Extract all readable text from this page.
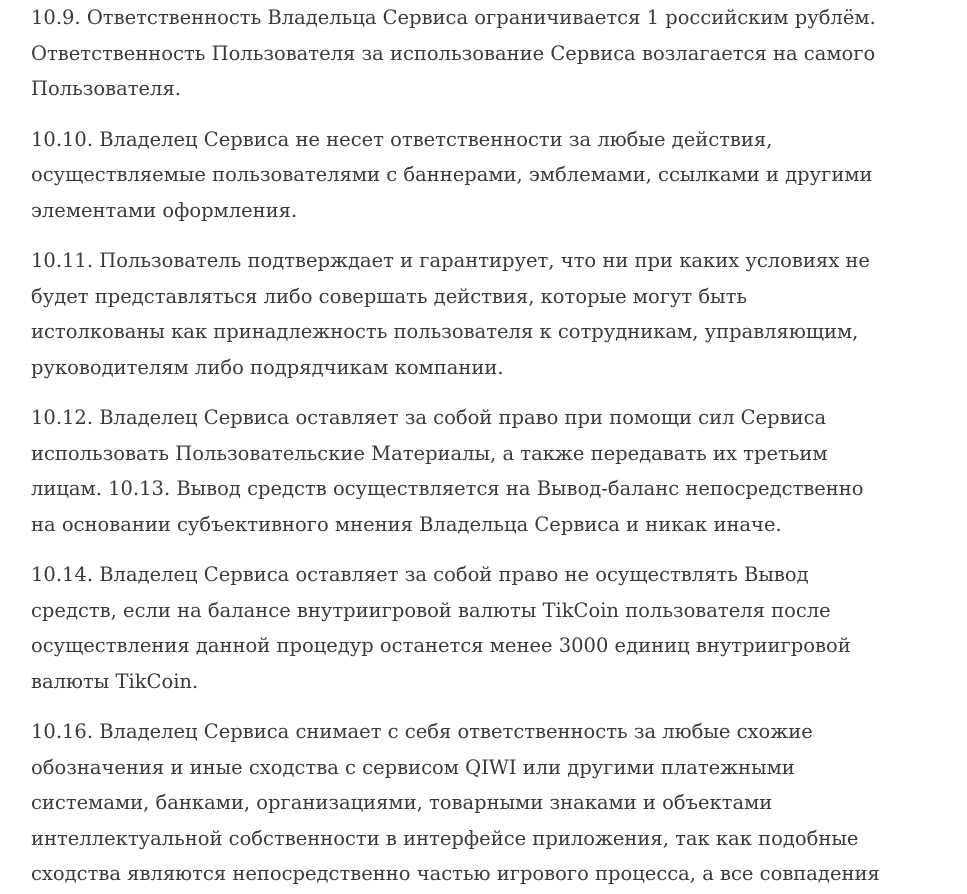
10.9. Ответственность Владельца Сервиса ограничивается 1 российским рублём.
Ответственность Пользователя за использование Сервиса возлагается на самого
Пользователя.

10.10. Владелец Сервиса не несет ответственности за любые действия,
осуществляемые пользователями с баннерами, эмблемами, ссылками и другими
элементами оформления.

10.11. Пользователь подтверждает и гарантирует, что ни при каких условиях не
будет представляться либо совершать действия, которые могут быть
истолкованы как принадлежность пользователя к сотрудникам, управляющим,
руководителям либо подрядчикам компании.

10.12. Владелец Сервиса оставляет за собой право при помощи сил Сервиса
использовать Пользовательские Материалы, а также передавать их третьим
лицам. 10.13. Вывод средств осуществляется на Вывод-баланс непосредственно
на основании субъективного мнения Владельца Сервиса и никак иначе.

10.14. Владелец Сервиса оставляет за собой право не осуществлять Вывод
средств, если на балансе внутриигровой валюты TikCoin пользователя после
осуществления данной процедур останется менее 3000 единиц внутриигровой
валюты TikCoin.

10.16. Владелец Сервиса снимает с себя ответственность за любые схожие
обозначения и иные сходства с сервисом QIWI или другими платежными
системами, банками, организациями, товарными знаками и объектами
интеллектуальной собственности в интерфейсе приложения, так как подобные
сходства являются непосредственно частью игрового процесса, а все совпадения
